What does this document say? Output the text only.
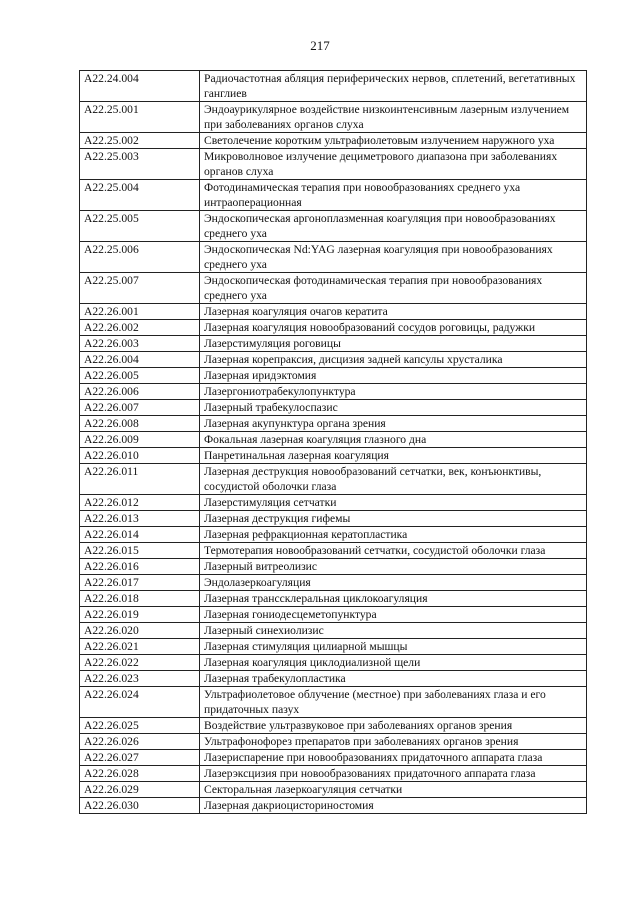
217
A22.24.004	Радиочастотная абляция периферических нервов, сплетений, вегетативных ганглиев
A22.25.001	Эндоаурикулярное воздействие низкоинтенсивным лазерным излучением при заболеваниях органов слуха
A22.25.002	Светолечение коротким ультрафиолетовым излучением наружного уха
A22.25.003	Микроволновое излучение дециметрового диапазона при заболеваниях органов слуха
A22.25.004	Фотодинамическая терапия при новообразованиях среднего уха интраоперационная
A22.25.005	Эндоскопическая аргоноплазменная коагуляция при новообразованиях среднего уха
A22.25.006	Эндоскопическая Nd:YAG лазерная коагуляция при новообразованиях среднего уха
A22.25.007	Эндоскопическая фотодинамическая терапия при новообразованиях среднего уха
A22.26.001	Лазерная коагуляция очагов кератита
A22.26.002	Лазерная коагуляция новообразований сосудов роговицы, радужки
A22.26.003	Лазерстимуляция роговицы
A22.26.004	Лазерная корепраксия, дисцизия задней капсулы хрусталика
A22.26.005	Лазерная иридэктомия
A22.26.006	Лазергониотрабекулопунктура
A22.26.007	Лазерный трабекулоспазис
A22.26.008	Лазерная акупунктура органа зрения
A22.26.009	Фокальная лазерная коагуляция глазного дна
A22.26.010	Панретинальная лазерная коагуляция
A22.26.011	Лазерная деструкция новообразований сетчатки, век, конъюнктивы, сосудистой оболочки глаза
A22.26.012	Лазерстимуляция сетчатки
A22.26.013	Лазерная деструкция гифемы
A22.26.014	Лазерная рефракционная кератопластика
A22.26.015	Термотерапия новообразований сетчатки, сосудистой оболочки глаза
A22.26.016	Лазерный витреолизис
A22.26.017	Эндолазеркоагуляция
A22.26.018	Лазерная транссклеральная циклокоагуляция
A22.26.019	Лазерная гониодесцеметопунктура
A22.26.020	Лазерный синехиолизис
A22.26.021	Лазерная стимуляция цилиарной мышцы
A22.26.022	Лазерная коагуляция циклодиализной щели
A22.26.023	Лазерная трабекулопластика
A22.26.024	Ультрафиолетовое облучение (местное) при заболеваниях глаза и его придаточных пазух
A22.26.025	Воздействие ультразвуковое при заболеваниях органов зрения
A22.26.026	Ультрафонофорез препаратов при заболеваниях органов зрения
A22.26.027	Лазериспарение при новообразованиях придаточного аппарата глаза
A22.26.028	Лазерэксцизия при новообразованиях придаточного аппарата глаза
A22.26.029	Секторальная лазеркоагуляция сетчатки
A22.26.030	Лазерная дакриоцисториностомия
